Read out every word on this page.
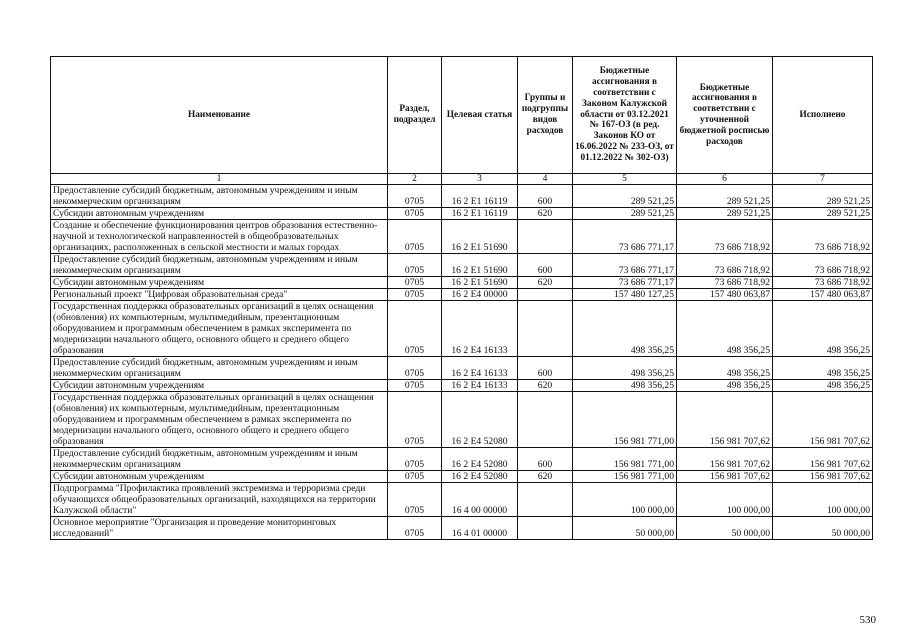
Наименование	Раздел, подраздел	Целевая статья	Группы и подгруппы видов расходов	Бюджетные ассигнования в соответствии с Законом Калужской области от 03.12.2021 № 167-ОЗ (в ред. Законов КО от 16.06.2022 № 233-ОЗ, от 01.12.2022 № 302-ОЗ)	Бюджетные ассигнования в соответствии с уточненной бюджетной росписью расходов	Исполнено
1	2	3	4	5	6	7
Предоставление субсидий бюджетным, автономным учреждениям и иным некоммерческим организациям	0705	16 2 E1 16119	600	289 521,25	289 521,25	289 521,25
Субсидии автономным учреждениям	0705	16 2 E1 16119	620	289 521,25	289 521,25	289 521,25
Создание и обеспечение функционирования центров образования естественно-научной и технологической направленностей в общеобразовательных организациях, расположенных в сельской местности и малых городах	0705	16 2 E1 51690		73 686 771,17	73 686 718,92	73 686 718,92
Предоставление субсидий бюджетным, автономным учреждениям и иным некоммерческим организациям	0705	16 2 E1 51690	600	73 686 771,17	73 686 718,92	73 686 718,92
Субсидии автономным учреждениям	0705	16 2 E1 51690	620	73 686 771,17	73 686 718,92	73 686 718,92
Региональный проект "Цифровая образовательная среда"	0705	16 2 E4 00000		157 480 127,25	157 480 063,87	157 480 063,87
Государственная поддержка образовательных организаций в целях оснащения (обновления) их компьютерным, мультимедийным, презентационным оборудованием и программным обеспечением в рамках эксперимента по модернизации начального общего, основного общего и среднего общего образования	0705	16 2 E4 16133		498 356,25	498 356,25	498 356,25
Предоставление субсидий бюджетным, автономным учреждениям и иным некоммерческим организациям	0705	16 2 E4 16133	600	498 356,25	498 356,25	498 356,25
Субсидии автономным учреждениям	0705	16 2 E4 16133	620	498 356,25	498 356,25	498 356,25
Государственная поддержка образовательных организаций в целях оснащения (обновления) их компьютерным, мультимедийным, презентационным оборудованием и программным обеспечением в рамках эксперимента по модернизации начального общего, основного общего и среднего общего образования	0705	16 2 E4 52080		156 981 771,00	156 981 707,62	156 981 707,62
Предоставление субсидий бюджетным, автономным учреждениям и иным некоммерческим организациям	0705	16 2 E4 52080	600	156 981 771,00	156 981 707,62	156 981 707,62
Субсидии автономным учреждениям	0705	16 2 E4 52080	620	156 981 771,00	156 981 707,62	156 981 707,62
Подпрограмма "Профилактика проявлений экстремизма и терроризма среди обучающихся общеобразовательных организаций, находящихся на территории Калужской области"	0705	16 4 00 00000		100 000,00	100 000,00	100 000,00
Основное мероприятие "Организация и проведение мониторинговых исследований"	0705	16 4 01 00000		50 000,00	50 000,00	50 000,00
530
